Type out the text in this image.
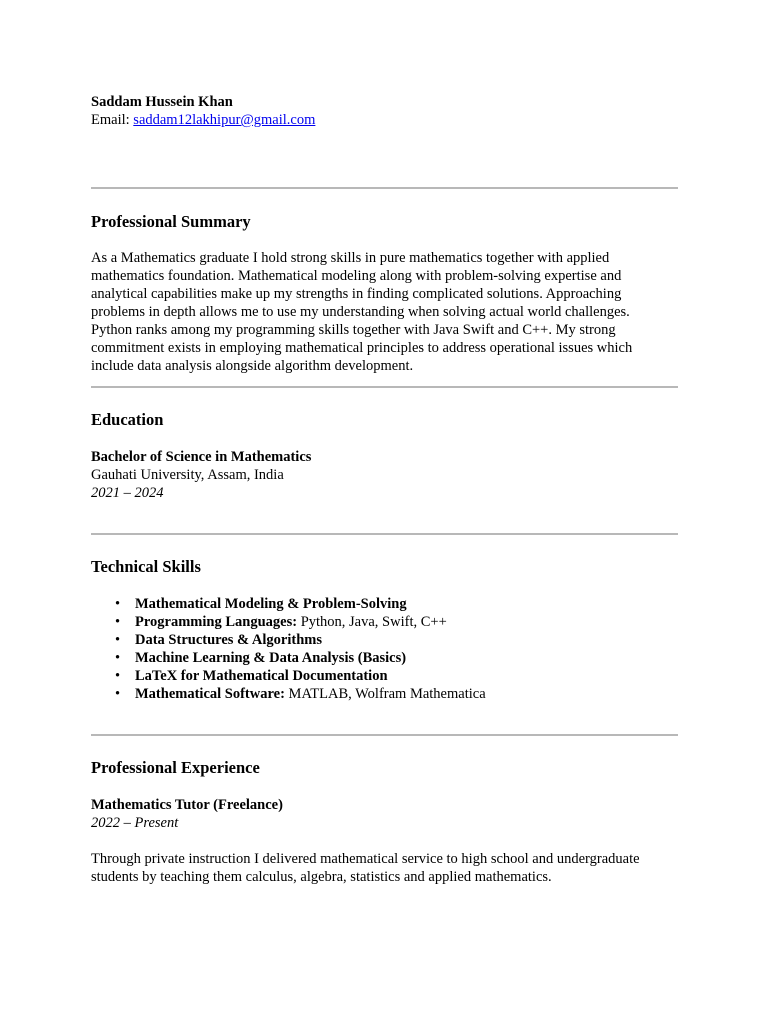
Saddam Hussein Khan
Email: saddam12lakhipur@gmail.com
Professional Summary

As a Mathematics graduate I hold strong skills in pure mathematics together with applied mathematics foundation. Mathematical modeling along with problem-solving expertise and analytical capabilities make up my strengths in finding complicated solutions. Approaching problems in depth allows me to use my understanding when solving actual world challenges. Python ranks among my programming skills together with Java Swift and C++. My strong commitment exists in employing mathematical principles to address operational issues which include data analysis alongside algorithm development.

Education
Bachelor of Science in Mathematics
Gauhati University, Assam, India
2021 – 2024
Technical Skills
• Mathematical Modeling & Problem-Solving
• Programming Languages: Python, Java, Swift, C++
• Data Structures & Algorithms
• Machine Learning & Data Analysis (Basics)
• LaTeX for Mathematical Documentation
• Mathematical Software: MATLAB, Wolfram Mathematica
Professional Experience
Mathematics Tutor (Freelance)
2022 – Present

Through private instruction I delivered mathematical service to high school and undergraduate students by teaching them calculus, algebra, statistics and applied mathematics.
